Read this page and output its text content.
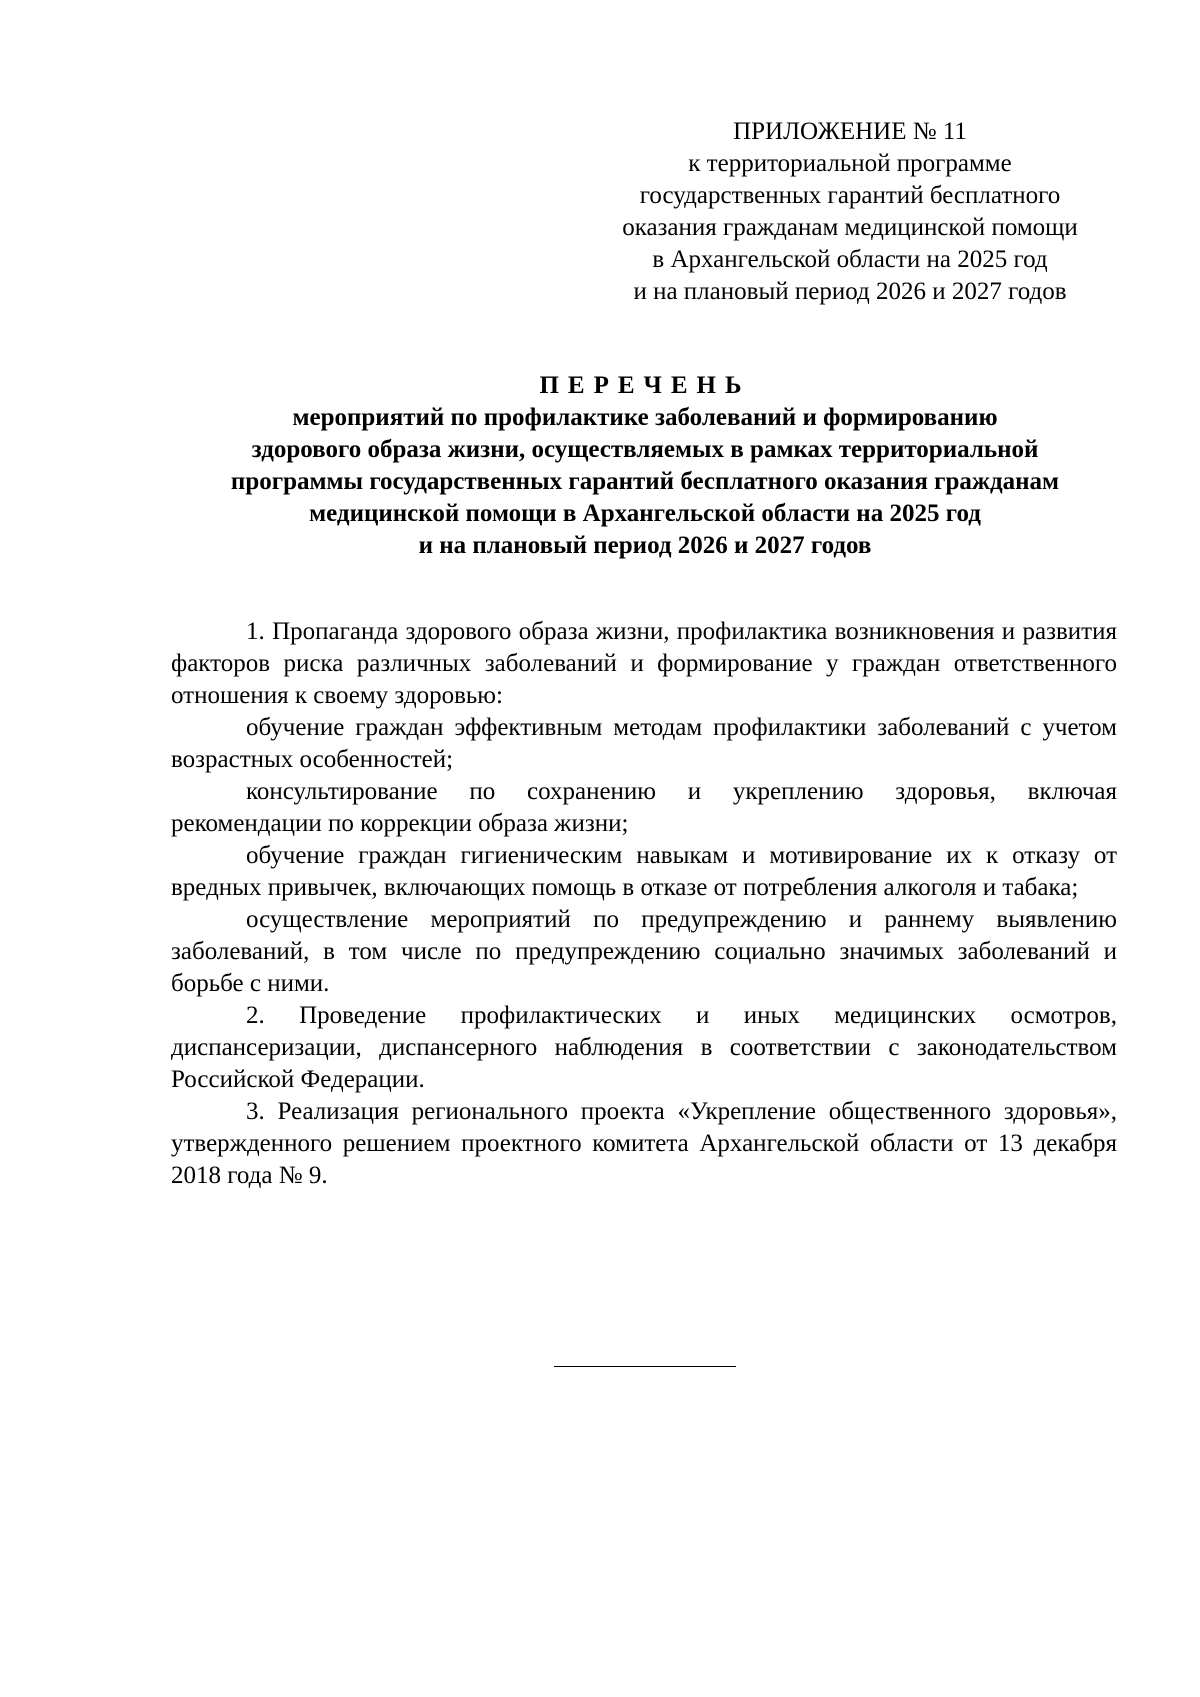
ПРИЛОЖЕНИЕ № 11
к территориальной программе
государственных гарантий бесплатного
оказания гражданам медицинской помощи
в Архангельской области на 2025 год
и на плановый период 2026 и 2027 годов
ПЕРЕЧЕНЬ
мероприятий по профилактике заболеваний и формированию
здорового образа жизни, осуществляемых в рамках территориальной
программы государственных гарантий бесплатного оказания гражданам
медицинской помощи в Архангельской области на 2025 год
и на плановый период 2026 и 2027 годов

1. Пропаганда здорового образа жизни, профилактика возникновения и развития факторов риска различных заболеваний и формирование у граждан ответственного отношения к своему здоровью:

обучение граждан эффективным методам профилактики заболеваний с учетом возрастных особенностей;

консультирование по сохранению и укреплению здоровья, включая рекомендации по коррекции образа жизни;

обучение граждан гигиеническим навыкам и мотивирование их к отказу от вредных привычек, включающих помощь в отказе от потребления алкоголя и табака;

осуществление мероприятий по предупреждению и раннему выявлению заболеваний, в том числе по предупреждению социально значимых заболеваний и борьбе с ними.

2. Проведение профилактических и иных медицинских осмотров, диспансеризации, диспансерного наблюдения в соответствии с законодательством Российской Федерации.

3. Реализация регионального проекта «Укрепление общественного здоровья», утвержденного решением проектного комитета Архангельской области от 13 декабря 2018 года № 9.
